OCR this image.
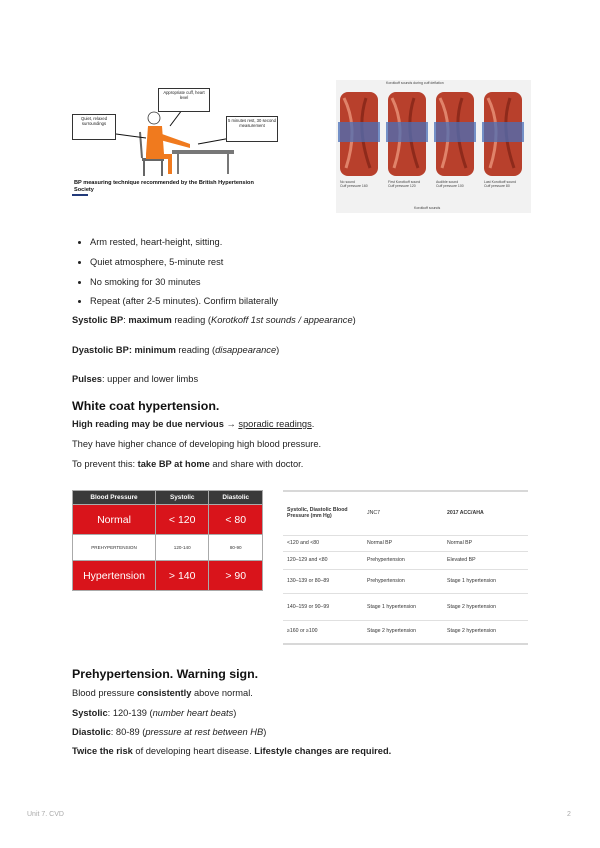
Appropriate cuff, heart level
Quiet, relaxed surroundings
5 minutes rest, 30 second measurement
BP measuring technique recommended by the British Hypertension Society
Korotkoff sounds during cuff deflation
No sound
Cuff pressure 160
First Korotkoff sound
Cuff pressure 120
Audible sound
Cuff pressure 100
Last Korotkoff sound
Cuff pressure 80
Korotkoff sounds
• Arm rested, heart-height, sitting.
• Quiet atmosphere, 5-minute rest
• No smoking for 30 minutes
• Repeat (after 2-5 minutes). Confirm bilaterally
Systolic BP: maximum reading (Korotkoff 1st sounds / appearance)
Dyastolic BP: minimum reading (disappearance)
Pulses: upper and lower limbs
White coat hypertension.
High reading may be due nervious → sporadic readings.
They have higher chance of developing high blood pressure.
To prevent this: take BP at home and share with doctor.
Blood Pressure	Systolic	Diastolic
Normal	< 120	< 80
PREHYPERTENSION	120-140	80-90
Hypertension	> 140	> 90
Systolic, Diastolic Blood Pressure (mm Hg)	JNC7	2017 ACC/AHA
<120 and <80	Normal BP	Normal BP
120–129 and <80	Prehypertension	Elevated BP
130–139 or 80–89	Prehypertension	Stage 1 hypertension
140–159 or 90–99	Stage 1 hypertension	Stage 2 hypertension
≥160 or ≥100	Stage 2 hypertension	Stage 2 hypertension
Prehypertension. Warning sign.
Blood pressure consistently above normal.
Systolic: 120-139 (number heart beats)
Diastolic: 80-89 (pressure at rest between HB)
Twice the risk of developing heart disease. Lifestyle changes are required.
Unit 7. CVD	2
